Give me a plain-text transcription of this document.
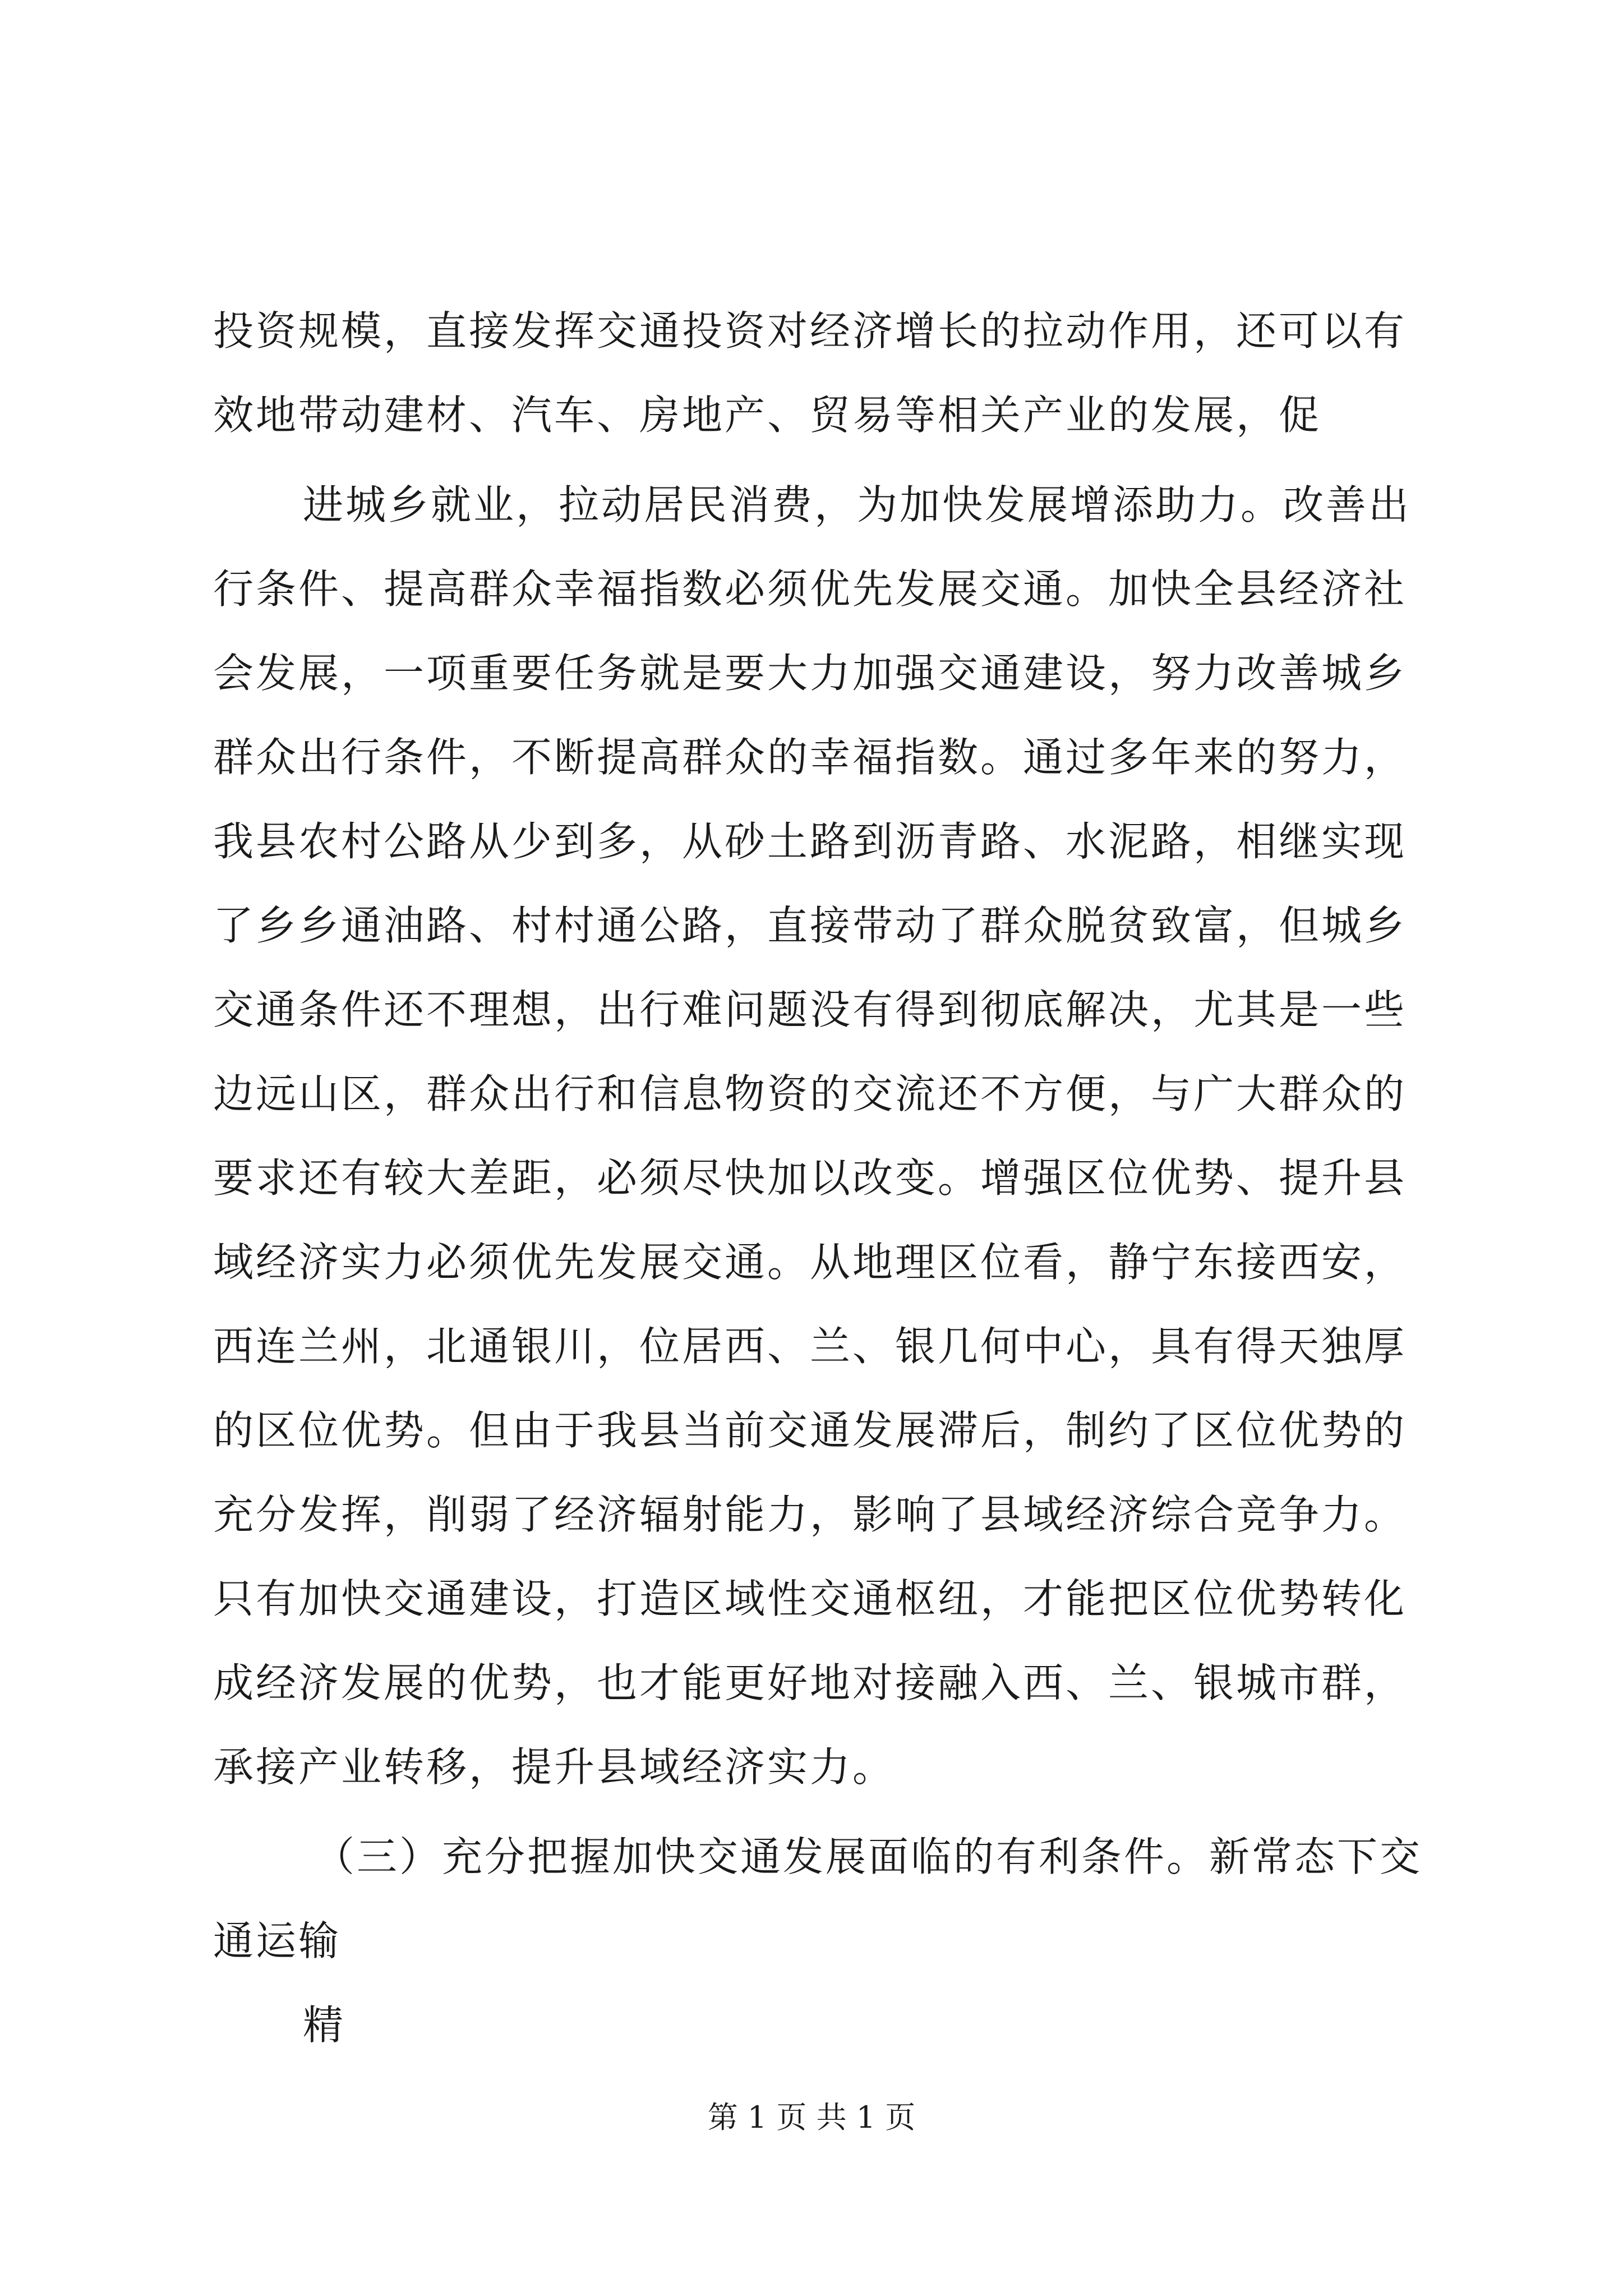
投资规模，直接发挥交通投资对经济增长的拉动作用，还可以有
效地带动建材、汽车、房地产、贸易等相关产业的发展，促
进城乡就业，拉动居民消费，为加快发展增添助力。改善出
行条件、提高群众幸福指数必须优先发展交通。加快全县经济社
会发展，一项重要任务就是要大力加强交通建设，努力改善城乡
群众出行条件，不断提高群众的幸福指数。通过多年来的努力，
我县农村公路从少到多，从砂土路到沥青路、水泥路，相继实现
了乡乡通油路、村村通公路，直接带动了群众脱贫致富，但城乡
交通条件还不理想，出行难问题没有得到彻底解决，尤其是一些
边远山区，群众出行和信息物资的交流还不方便，与广大群众的
要求还有较大差距，必须尽快加以改变。增强区位优势、提升县
域经济实力必须优先发展交通。从地理区位看，静宁东接西安，
西连兰州，北通银川，位居西、兰、银几何中心，具有得天独厚
的区位优势。但由于我县当前交通发展滞后，制约了区位优势的
充分发挥，削弱了经济辐射能力，影响了县域经济综合竞争力。
只有加快交通建设，打造区域性交通枢纽，才能把区位优势转化
成经济发展的优势，也才能更好地对接融入西、兰、银城市群，
承接产业转移，提升县域经济实力。
（三）充分把握加快交通发展面临的有利条件。新常态下交
通运输
精
第 1 页 共 1 页
